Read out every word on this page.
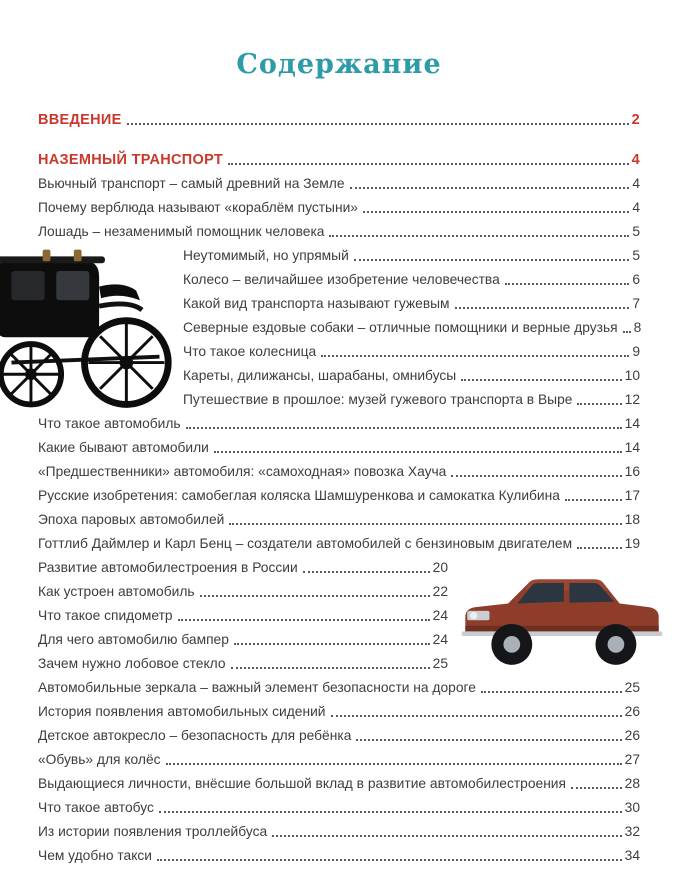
Содержание
ВВЕДЕНИЕ	2
НАЗЕМНЫЙ ТРАНСПОРТ	4
Вьючный транспорт – самый древний на Земле	4
Почему верблюда называют «кораблём пустыни»	4
Лошадь – незаменимый помощник человека	5
Неутомимый, но упрямый	5
Колесо – величайшее изобретение человечества	6
Какой вид транспорта называют гужевым	7
Северные ездовые собаки – отличные помощники и верные друзья 8
Что такое колесница	9
Кареты, дилижансы, шарабаны, омнибусы	10
Путешествие в прошлое: музей гужевого транспорта в Выре	12
Что такое автомобиль	14
Какие бывают автомобили	14
«Предшественники» автомобиля: «самоходная» повозка Хауча	16
Русские изобретения: самобеглая коляска Шамшуренкова и самокатка Кулибина	17
Эпоха паровых автомобилей	18
Готтлиб Даймлер и Карл Бенц – создатели автомобилей с бензиновым двигателем	19
Развитие автомобилестроения в России	20
Как устроен автомобиль	22
Что такое спидометр	24
Для чего автомобилю бампер	24
Зачем нужно лобовое стекло	25
Автомобильные зеркала – важный элемент безопасности на дороге	25
История появления автомобильных сидений	26
Детское автокресло – безопасность для ребёнка	26
«Обувь» для колёс	27
Выдающиеся личности, внёсшие большой вклад в развитие автомобилестроения	28
Что такое автобус	30
Из истории появления троллейбуса	32
Чем удобно такси	34
